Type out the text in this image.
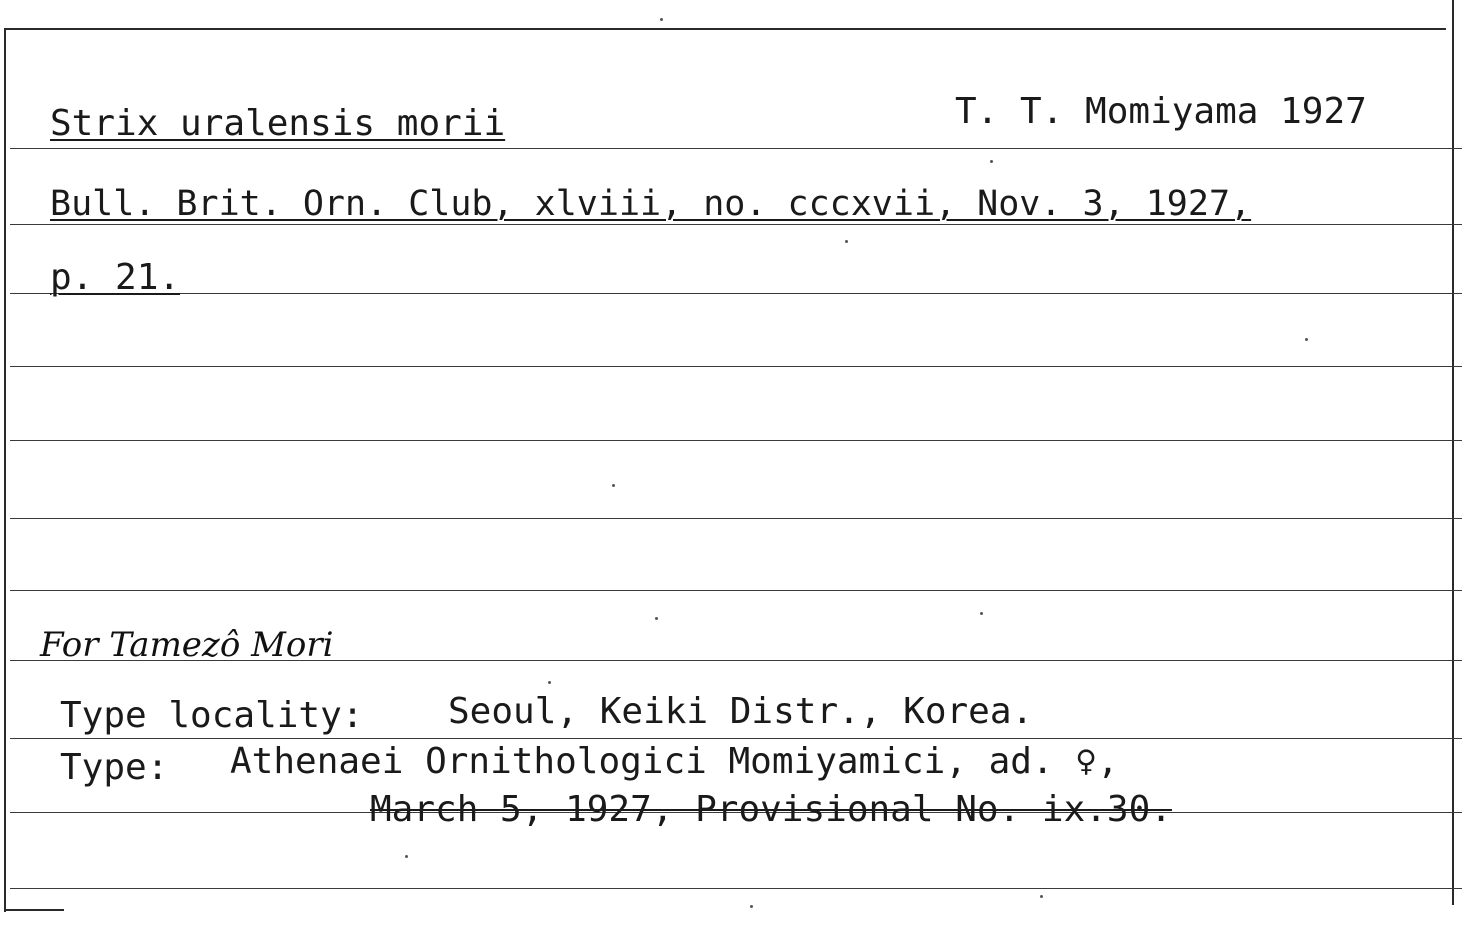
Strix uralensis morii	T. T. Momiyama 1927
Bull. Brit. Orn. Club, xlviii, no. cccxvii, Nov. 3, 1927,
p. 21.
For Tamezô Mori
Type locality: Seoul, Keiki Distr., Korea.
Type: Athenaei Ornithologici Momiyamici, ad. ♀,
March 5, 1927, Provisional No. ix.30.
